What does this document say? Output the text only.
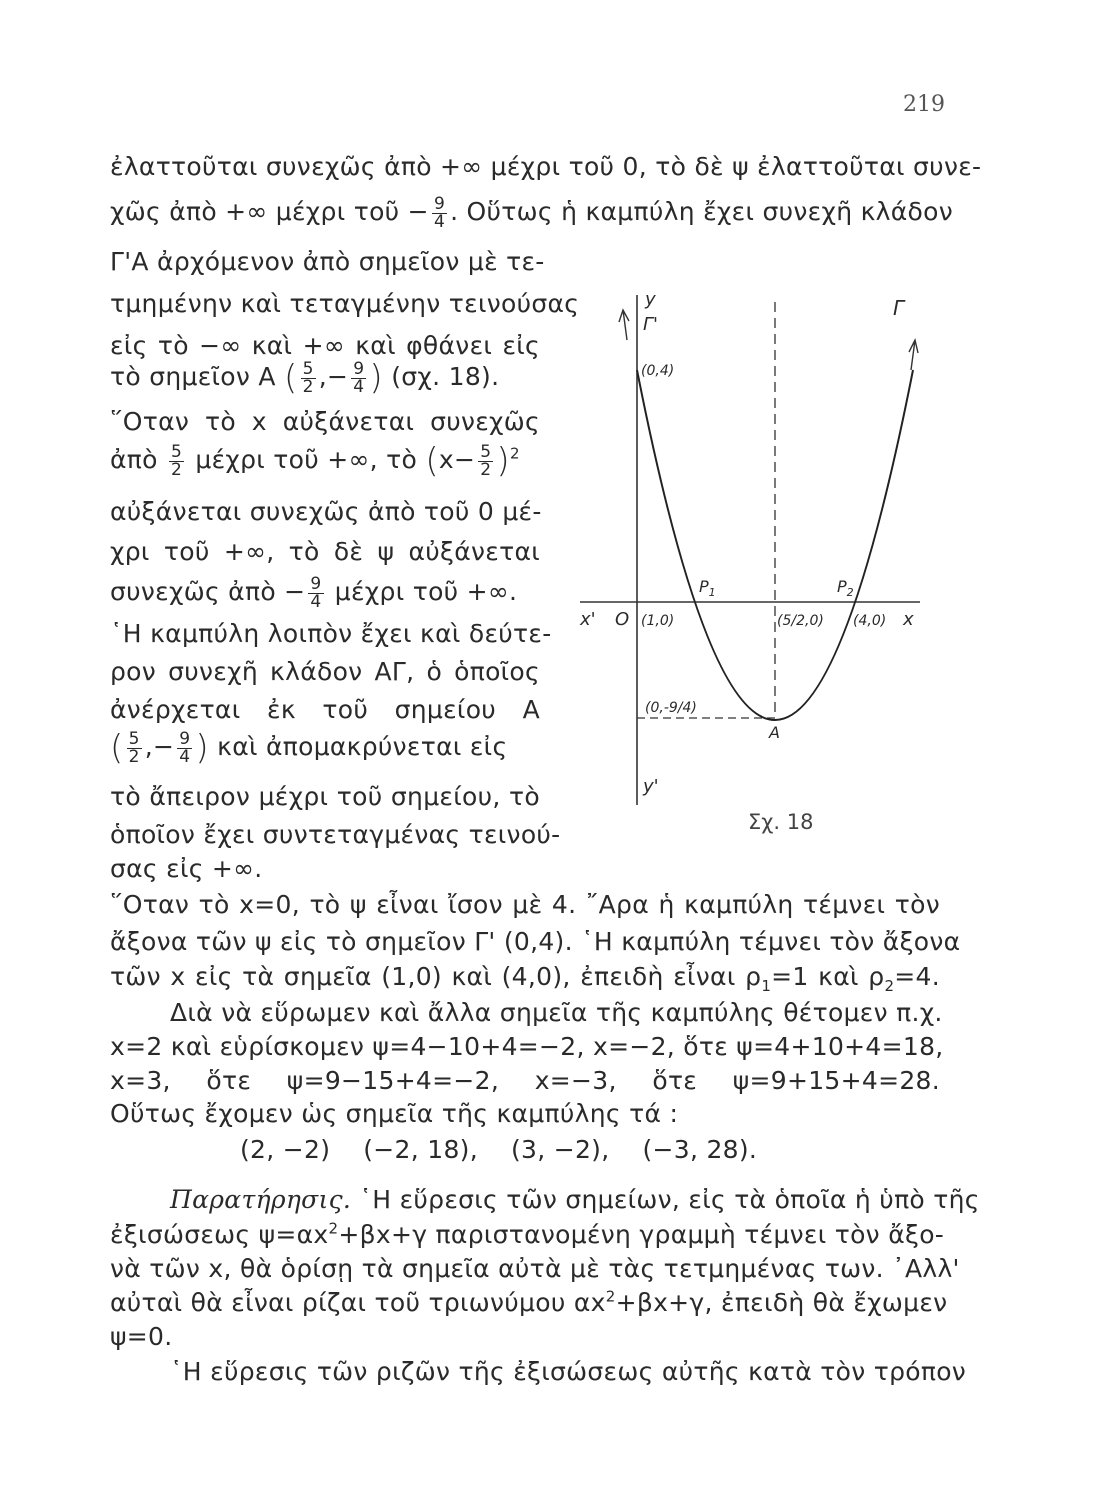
219
ἐλαττοῦται συνεχῶς ἀπὸ +∞ μέχρι τοῦ 0, τὸ δὲ ψ ἐλαττοῦται συνε-
χῶς ἀπὸ +∞ μέχρι τοῦ − $\frac{9}{4}$ . Οὕτως ἡ καμπύλη ἔχει συνεχῆ κλάδον
Γ'Α ἀρχόμενον ἀπὸ σημεῖον μὲ τε-
τμημένην καὶ τεταγμένην τεινούσας
εἰς τὸ −∞ καὶ +∞ καὶ φθάνει εἰς
τὸ σημεῖον Α ( $\frac{5}{2}$ ,− $\frac{9}{4}$ ) (σχ. 18).
῞Οταν τὸ x αὐξάνεται συνεχῶς
ἀπὸ $\frac{5}{2}$ μέχρι τοῦ +∞, τὸ $(x- \frac{5}{2} )^2$
αὐξάνεται συνεχῶς ἀπὸ τοῦ 0 μέ-
χρι τοῦ +∞, τὸ δὲ ψ αὐξάνεται
συνεχῶς ἀπὸ − $\frac{9}{4}$ μέχρι τοῦ +∞.
῾Η καμπύλη λοιπὸν ἔχει καὶ δεύτε-
ρον συνεχῆ κλάδον ΑΓ, ὁ ὁποῖος
ἀνέρχεται ἐκ τοῦ σημείου Α
( $\frac{5}{2}$ ,− $\frac{9}{4}$ ) καὶ ἀπομακρύνεται εἰς
τὸ ἄπειρον μέχρι τοῦ σημείου, τὸ
ὁποῖον ἔχει συντεταγμένας τεινού-
σας εἰς +∞.
῞Οταν τὸ x=0, τὸ ψ εἶναι ἴσον μὲ 4. ῎Αρα ἡ καμπύλη τέμνει τὸν
ἄξονα τῶν ψ εἰς τὸ σημεῖον Γ' (0,4). ῾Η καμπύλη τέμνει τὸν ἄξονα
τῶν x εἰς τὰ σημεῖα (1,0) καὶ (4,0), ἐπειδὴ εἶναι $\rho_1=1$ καὶ $\rho_2=4$.
Διὰ νὰ εὕρωμεν καὶ ἄλλα σημεῖα τῆς καμπύλης θέτομεν π.χ.
x=2 καὶ εὑρίσκομεν ψ=4−10+4=−2, x=−2, ὅτε ψ=4+10+4=18,
x=3, ὅτε ψ=9−15+4=−2, x=−3, ὅτε ψ=9+15+4=28.
Οὕτως ἔχομεν ὡς σημεῖα τῆς καμπύλης τά :
(2, −2)    (−2, 18),    (3, −2),    (−3, 28).
Παρατήρησις. ῾Η εὕρεσις τῶν σημείων, εἰς τὰ ὁποῖα ἡ ὑπὸ τῆς
ἐξισώσεως $\psi=\alpha x^2+\beta x+\gamma$ παριστανομένη γραμμὴ τέμνει τὸν ἄξο-
νὰ τῶν x, θὰ ὁρίσῃ τὰ σημεῖα αὐτὰ μὲ τὰς τετμημένας των. ᾿Αλλ'
αὐταὶ θὰ εἶναι ρίζαι τοῦ τριωνύμου $\alpha x^2+\beta x+\gamma$, ἐπειδὴ θὰ ἔχωμεν
ψ=0.
῾Η εὕρεσις τῶν ριζῶν τῆς ἐξισώσεως αὐτῆς κατὰ τὸν τρόπον
y
Γ'
(0,4)
Γ
x' O (1,0)
$P_1$	$P_2$
(5/2,0) (4,0) x
(0,-9/4)
A
y'
Σχ. 18
